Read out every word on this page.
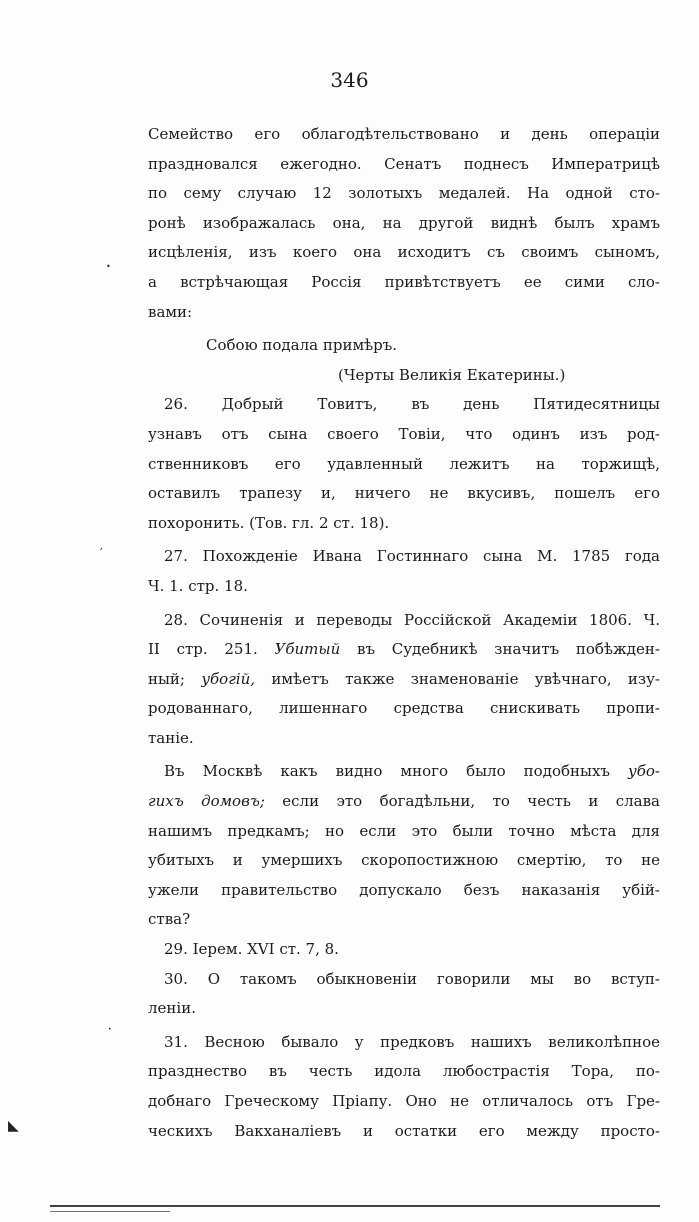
346
Семейство его облагодѣтельствовано и день операціи
праздновался ежегодно. Сенатъ поднесъ Императрицѣ
по сему случаю 12 золотыхъ медалей. На одной сто-
ронѣ изображалась она, на другой виднѣ былъ храмъ
исцѣленія, изъ коего она исходитъ съ своимъ сыномъ,
а встрѣчающая Россія привѣтствуетъ ее сими сло-
вами:
Собою подала примѣръ.
(Черты Великія Екатерины.)
26. Добрый Товитъ, въ день Пятидесятницы
узнавъ отъ сына своего Товіи, что одинъ изъ род-
ственниковъ его удавленный лежитъ на торжищѣ,
оставилъ трапезу и, ничего не вкусивъ, пошелъ его
похоронить. (Тов. гл. 2 ст. 18).
27. Похожденіе Ивана Гостиннаго сына М. 1785 года
Ч. 1. стр. 18.
28. Сочиненія и переводы Россійской Академіи 1806. Ч.
II стр. 251. Убитый въ Судебникѣ значитъ побѣжден-
ный; убогій, имѣетъ также знаменованіе увѣчнаго, изу-
родованнаго, лишеннаго средства снискивать пропи-
таніе.
Въ Москвѣ какъ видно много было подобныхъ убо-
гихъ домовъ; если это богадѣльни, то честь и слава
нашимъ предкамъ; но если это были точно мѣста для
убитыхъ и умершихъ скоропостижною смертію, то не
ужели правительство допускало безъ наказанія убій-
ства?
29. Iерем. XVI ст. 7, 8.
30. О такомъ обыкновеніи говорили мы во вступ-
леніи.
31. Весною бывало у предковъ нашихъ великолѣпное
празднество въ честь идола любострастія Тора, по-
добнаго Греческому Пріапу. Оно не отличалось отъ Гре-
ческихъ Вакханаліевъ и остатки его между просто-
•
′
•
◣
